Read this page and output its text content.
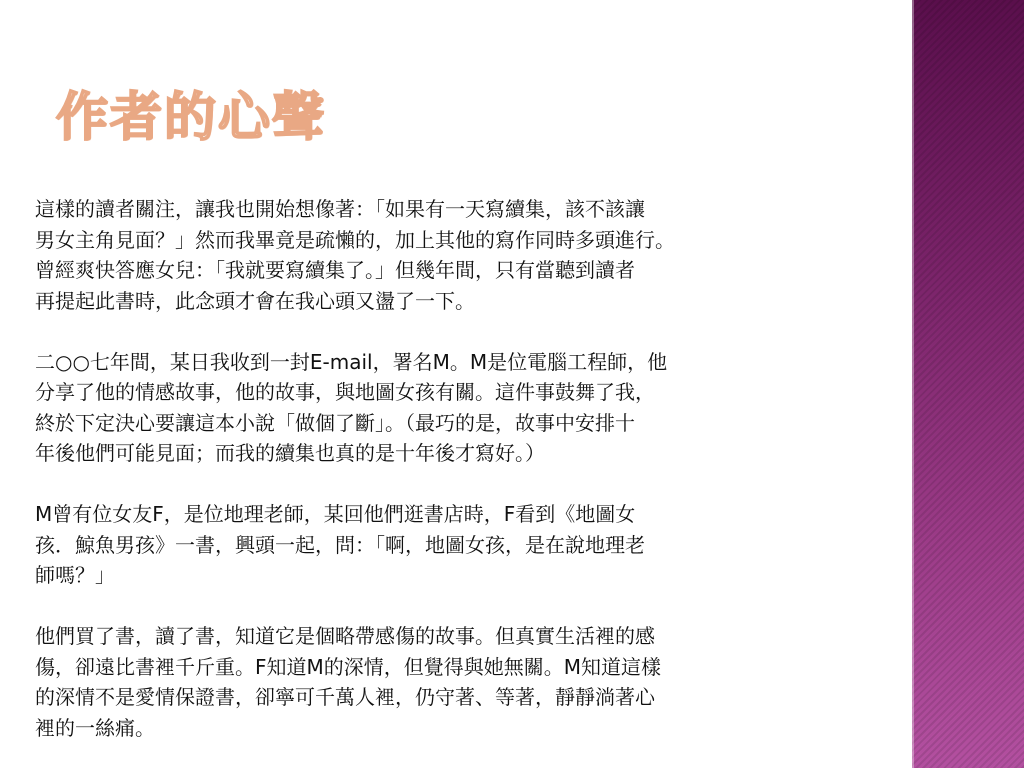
作者的心聲

這樣的讀者關注，讓我也開始想像著：「如果有一天寫續集，該不該讓
男女主角見面？」然而我畢竟是疏懶的，加上其他的寫作同時多頭進行。
曾經爽快答應女兒：「我就要寫續集了。」但幾年間，只有當聽到讀者
再提起此書時，此念頭才會在我心頭又盪了一下。

二○○七年間，某日我收到一封E-mail，署名M。M是位電腦工程師，他
分享了他的情感故事，他的故事，與地圖女孩有關。這件事鼓舞了我，
終於下定決心要讓這本小說「做個了斷」。（最巧的是，故事中安排十
年後他們可能見面；而我的續集也真的是十年後才寫好。）

M曾有位女友F，是位地理老師，某回他們逛書店時，F看到《地圖女
孩．鯨魚男孩》一書，興頭一起，問：「啊，地圖女孩，是在說地理老
師嗎？」

他們買了書，讀了書，知道它是個略帶感傷的故事。但真實生活裡的感
傷，卻遠比書裡千斤重。F知道M的深情，但覺得與她無關。M知道這樣
的深情不是愛情保證書，卻寧可千萬人裡，仍守著、等著，靜靜淌著心
裡的一絲痛。
